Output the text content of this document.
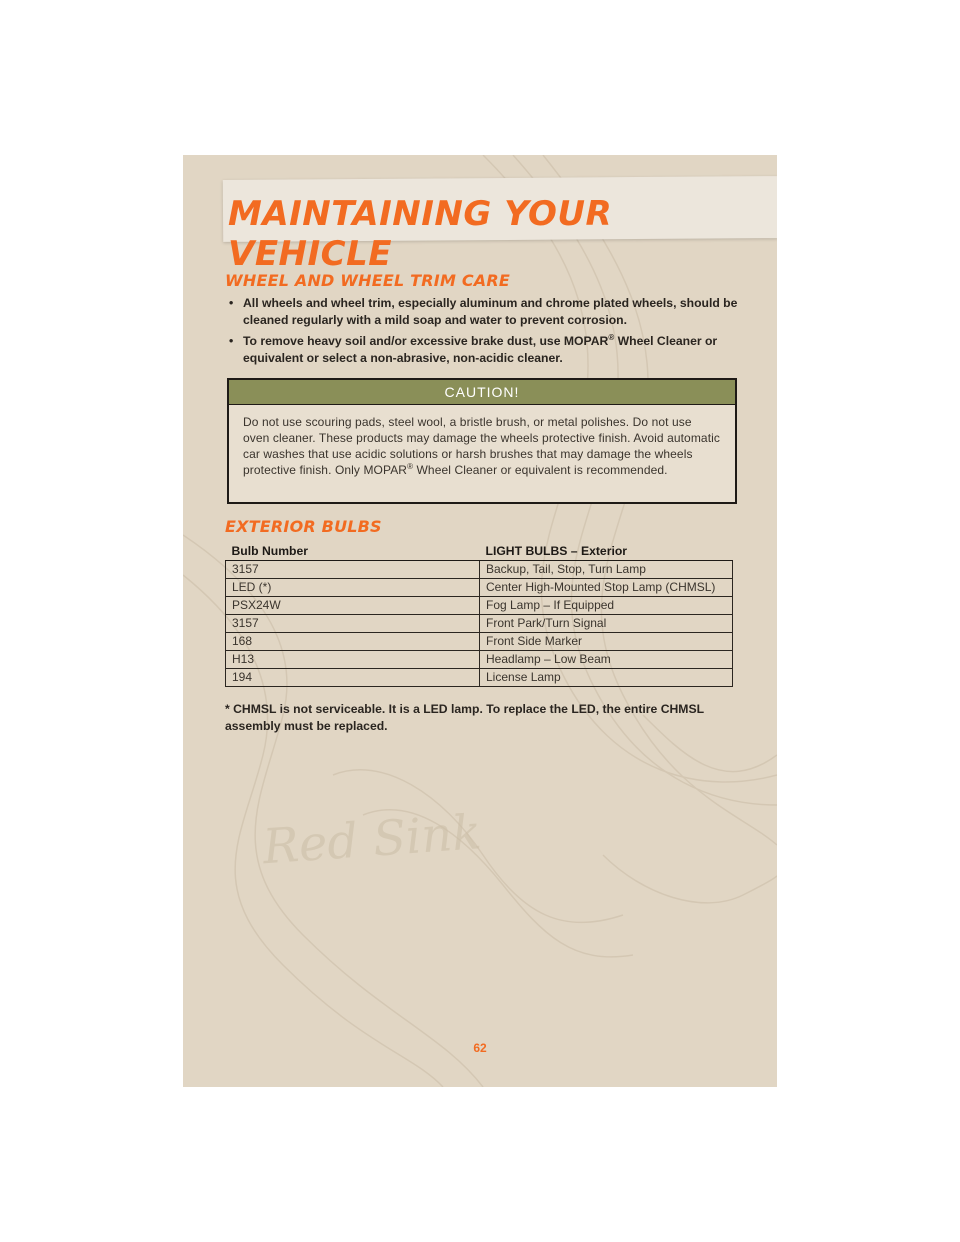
Red Sink
MAINTAINING YOUR VEHICLE
WHEEL AND WHEEL TRIM CARE
• All wheels and wheel trim, especially aluminum and chrome plated wheels, should be cleaned regularly with a mild soap and water to prevent corrosion.
• To remove heavy soil and/or excessive brake dust, use MOPAR® Wheel Cleaner or equivalent or select a non-abrasive, non-acidic cleaner.
CAUTION!
Do not use scouring pads, steel wool, a bristle brush, or metal polishes. Do not use oven cleaner. These products may damage the wheels protective finish. Avoid automatic car washes that use acidic solutions or harsh brushes that may damage the wheels protective finish. Only MOPAR® Wheel Cleaner or equivalent is recommended.
EXTERIOR BULBS
Bulb Number	LIGHT BULBS – Exterior
3157	Backup, Tail, Stop, Turn Lamp
LED (*)	Center High-Mounted Stop Lamp (CHMSL)
PSX24W	Fog Lamp – If Equipped
3157	Front Park/Turn Signal
168	Front Side Marker
H13	Headlamp – Low Beam
194	License Lamp

* CHMSL is not serviceable. It is a LED lamp. To replace the LED, the entire CHMSL assembly must be replaced.

62
